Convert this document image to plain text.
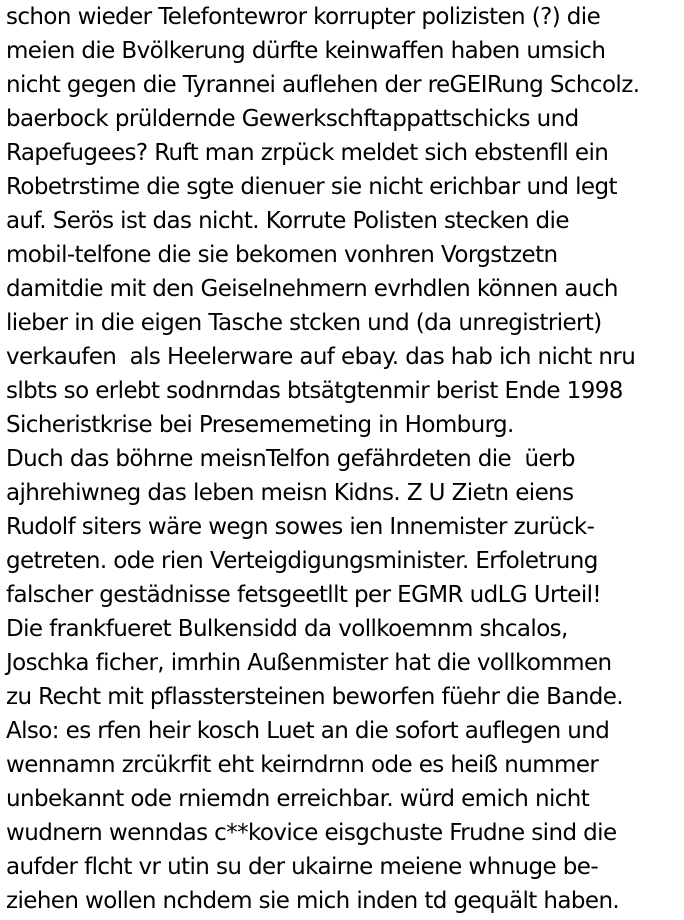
schon wieder Telefontewror korrupter polizisten (?) die
meien die Bvölkerung dürfte keinwaffen haben umsich
nicht gegen die Tyrannei auflehen der reGEIRung Schcolz.
baerbock prüldernde Gewerkschftappattschicks und
Rapefugees? Ruft man zrpück meldet sich ebstenfll ein
Robetrstime die sgte dienuer sie nicht erichbar und legt
auf. Serös ist das nicht. Korrute Polisten stecken die
mobil-telfone die sie bekomen vonhren Vorgstzetn
damitdie mit den Geiselnehmern evrhdlen können auch
lieber in die eigen Tasche stcken und (da unregistriert)
verkaufen  als Heelerware auf ebay. das hab ich nicht nru
slbts so erlebt sodnrndas btsätgtenmir berist Ende 1998
Sicheristkrise bei Presememeting in Homburg.
Duch das böhrne meisnTelfon gefährdeten die  üerb
ajhrehiwneg das leben meisn Kidns. Z U Zietn eiens
Rudolf siters wäre wegn sowes ien Innemister zurück-
getreten. ode rien Verteigdigungsminister. Erfoletrung
falscher gestädnisse fetsgeetllt per EGMR udLG Urteil!
Die frankfueret Bulkensidd da vollkoemnm shcalos,
Joschka ficher, imrhin Außenmister hat die vollkommen
zu Recht mit pflasstersteinen beworfen füehr die Bande.
Also: es rfen heir kosch Luet an die sofort auflegen und
wennamn zrcükrfit eht keirndrnn ode es heiß nummer
unbekannt ode rniemdn erreichbar. würd emich nicht
wudnern wenndas c**kovice eisgchuste Frudne sind die
aufder flcht vr utin su der ukairne meiene whnuge be-
ziehen wollen nchdem sie mich inden td gequält haben.
